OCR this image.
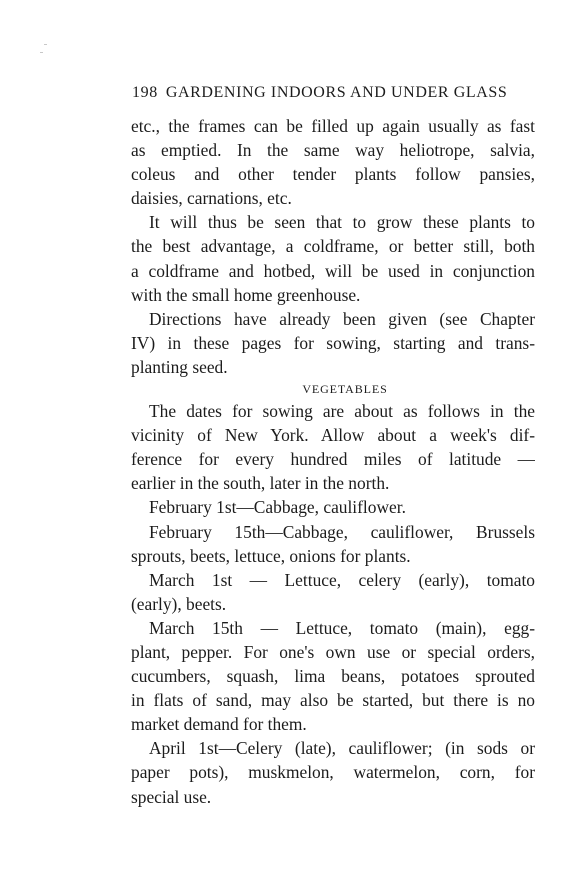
198 GARDENING INDOORS AND UNDER GLASS
etc., the frames can be filled up again usually as fast
as emptied. In the same way heliotrope, salvia,
coleus and other tender plants follow pansies,
daisies, carnations, etc.
It will thus be seen that to grow these plants to
the best advantage, a coldframe, or better still, both
a coldframe and hotbed, will be used in conjunction
with the small home greenhouse.
Directions have already been given (see Chapter
IV) in these pages for sowing, starting and trans-
planting seed.
VEGETABLES
The dates for sowing are about as follows in the
vicinity of New York. Allow about a week's dif-
ference for every hundred miles of latitude —
earlier in the south, later in the north.
February 1st—Cabbage, cauliflower.
February 15th—Cabbage, cauliflower, Brussels
sprouts, beets, lettuce, onions for plants.
March 1st — Lettuce, celery (early), tomato
(early), beets.
March 15th — Lettuce, tomato (main), egg-
plant, pepper. For one's own use or special orders,
cucumbers, squash, lima beans, potatoes sprouted
in flats of sand, may also be started, but there is no
market demand for them.
April 1st—Celery (late), cauliflower; (in sods or
paper pots), muskmelon, watermelon, corn, for
special use.
